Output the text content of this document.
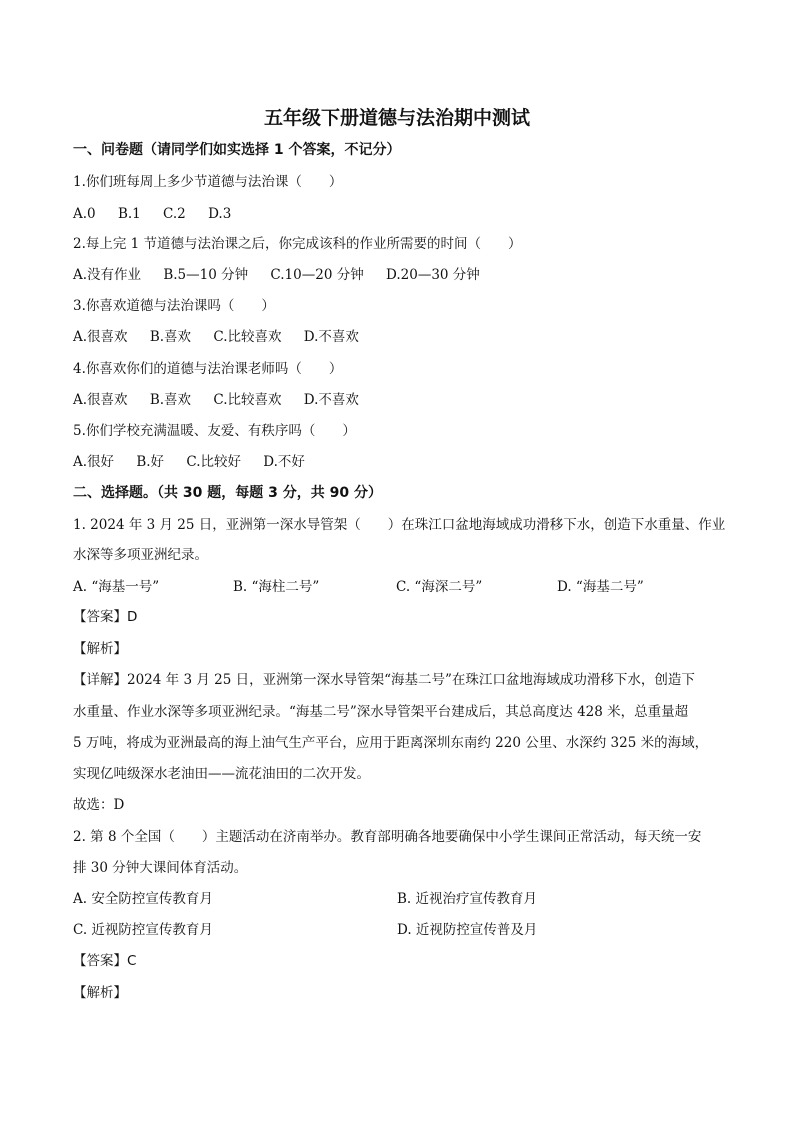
五年级下册道德与法治期中测试
一、问卷题（请同学们如实选择 1 个答案，不记分）
1.你们班每周上多少节道德与法治课（　　）
A.0 B.1 C.2 D.3
2.每上完 1 节道德与法治课之后，你完成该科的作业所需要的时间（　　）
A.没有作业 B.5—10 分钟 C.10—20 分钟 D.20—30 分钟
3.你喜欢道德与法治课吗（　　）
A.很喜欢 B.喜欢 C.比较喜欢 D.不喜欢
4.你喜欢你们的道德与法治课老师吗（　　）
A.很喜欢 B.喜欢 C.比较喜欢 D.不喜欢
5.你们学校充满温暖、友爱、有秩序吗（　　）
A.很好 B.好 C.比较好 D.不好
二、选择题。（共 30 题，每题 3 分，共 90 分）
1. 2024 年 3 月 25 日，亚洲第一深水导管架（　　）在珠江口盆地海域成功滑移下水，创造下水重量、作业
水深等多项亚洲纪录。
A. “海基一号”	B. “海柱二号”	C. “海深二号”	D. “海基二号”
【答案】D
【解析】
【详解】2024 年 3 月 25 日，亚洲第一深水导管架“海基二号”在珠江口盆地海域成功滑移下水，创造下
水重量、作业水深等多项亚洲纪录。“海基二号”深水导管架平台建成后，其总高度达 428 米，总重量超
5 万吨，将成为亚洲最高的海上油气生产平台，应用于距离深圳东南约 220 公里、水深约 325 米的海域，
实现亿吨级深水老油田——流花油田的二次开发。
故选：D
2. 第 8 个全国（　　）主题活动在济南举办。教育部明确各地要确保中小学生课间正常活动，每天统一安
排 30 分钟大课间体育活动。
A. 安全防控宣传教育月	B. 近视治疗宣传教育月
C. 近视防控宣传教育月	D. 近视防控宣传普及月
【答案】C
【解析】
